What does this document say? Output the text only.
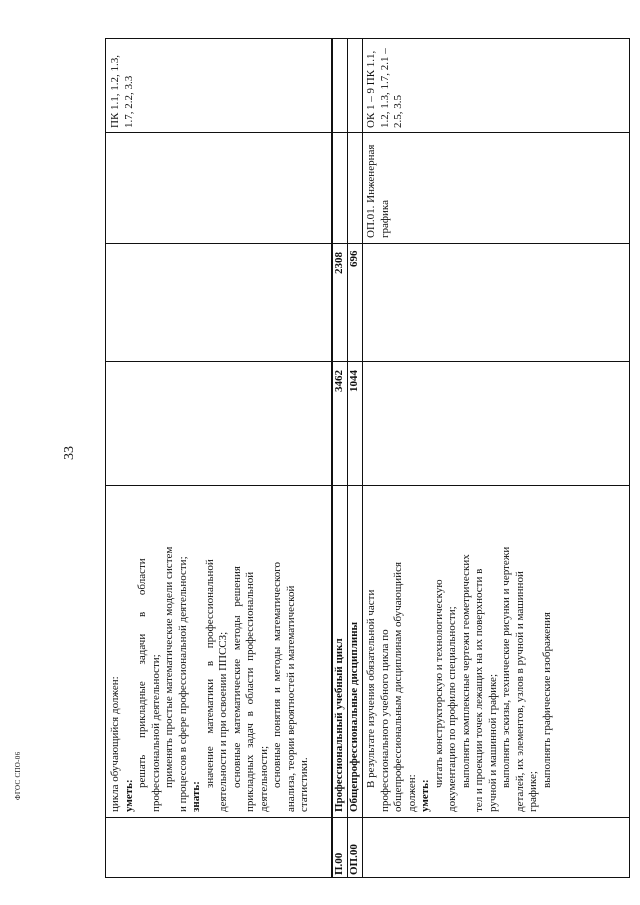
33
ФГОС СПО-06	цикла обучающийся должен: уметь:
решать прикладные задачи в области профессиональной деятельности; применять простые математические модели систем и процессов в сфере профессиональной деятельности; знать:
значение математики в профессиональной деятельности и при освоении ППССЗ; основные математические методы решения прикладных задач в области профессиональной деятельности; основные понятия и методы математического анализа, теории вероятностей и математической статистики.
ПК 1.1, 1.2, 1.3, 1.7, 2.2, 3.3
П.00
Профессиональный учебный цикл
3462
2308
ОП.00
Общепрофессиональные дисциплины
1044
696
В результате изучения обязательной части профессионального учебного цикла по общепрофессиональным дисциплинам обучающийся должен: уметь:
читать конструкторскую и технологическую документацию по профилю специальности; выполнять комплексные чертежи геометрических тел и проекции точек лежащих на их поверхности в ручной и машинной графике; выполнять эскизы, технические рисунки и чертежи деталей, их элементов, узлов в ручной и машинной графике;
выполнять графические изображения
ОП.01. Инженерная графика
ОК 1 – 9 ПК 1.1, 1.2, 1.3, 1.7, 2.1 – 2.5, 3.5
